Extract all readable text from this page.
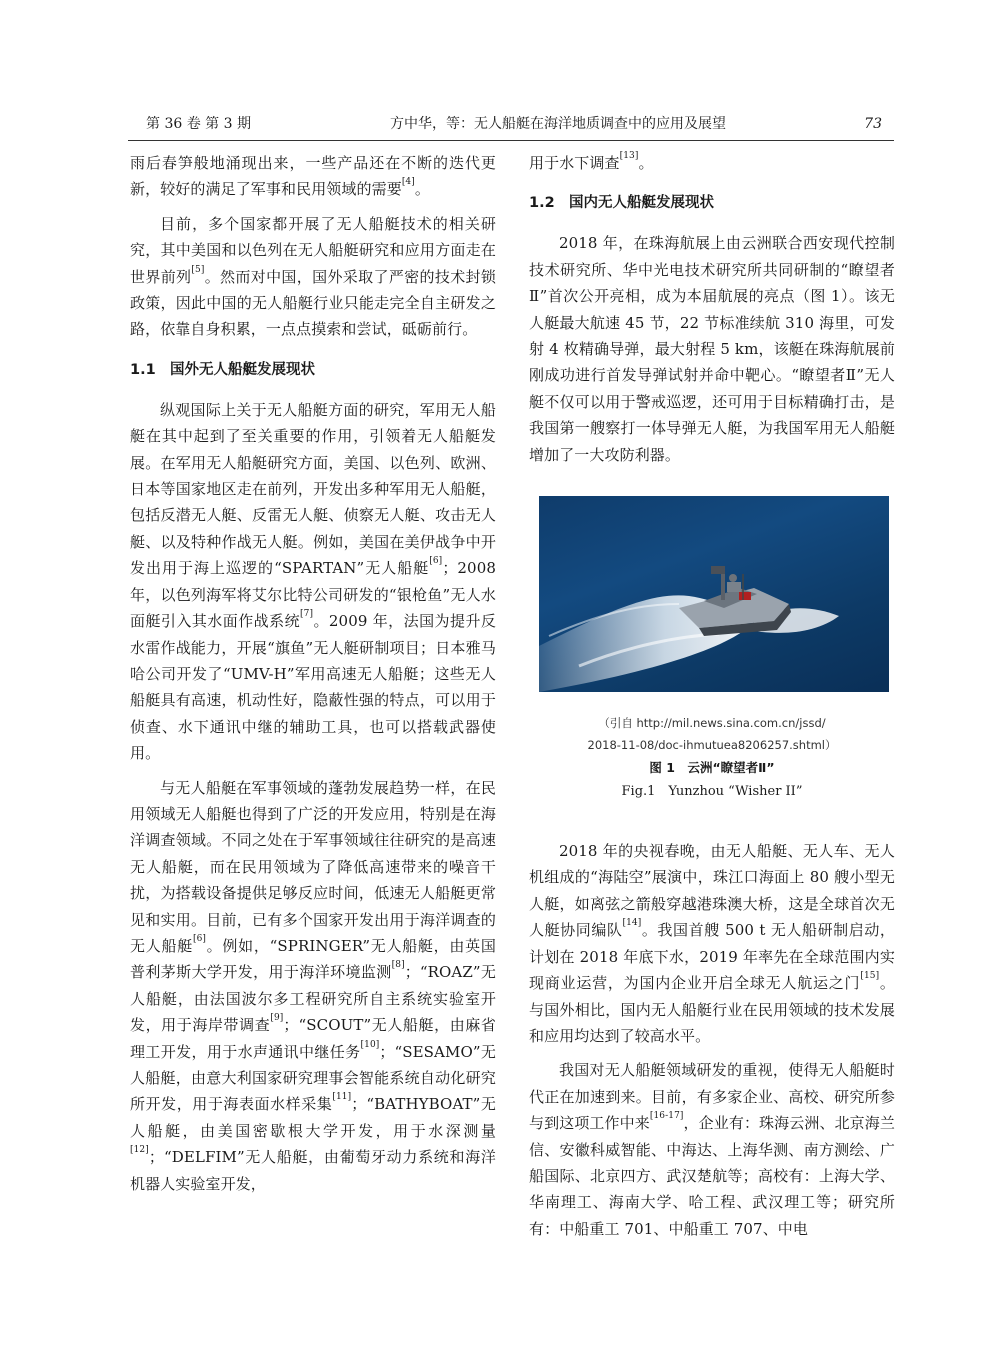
第 36 卷 第 3 期	方中华，等：无人船艇在海洋地质调查中的应用及展望	73

雨后春笋般地涌现出来，一些产品还在不断的迭代更新，较好的满足了军事和民用领域的需要[4]。

目前，多个国家都开展了无人船艇技术的相关研究，其中美国和以色列在无人船艇研究和应用方面走在世界前列[5]。然而对中国，国外采取了严密的技术封锁政策，因此中国的无人船艇行业只能走完全自主研发之路，依靠自身积累，一点点摸索和尝试，砥砺前行。

1.1 国外无人船艇发展现状

纵观国际上关于无人船艇方面的研究，军用无人船艇在其中起到了至关重要的作用，引领着无人船艇发展。在军用无人船艇研究方面，美国、以色列、欧洲、日本等国家地区走在前列，开发出多种军用无人船艇，包括反潜无人艇、反雷无人艇、侦察无人艇、攻击无人艇、以及特种作战无人艇。例如，美国在美伊战争中开发出用于海上巡逻的“SPARTAN”无人船艇[6]；2008 年，以色列海军将艾尔比特公司研发的“银枪鱼”无人水面艇引入其水面作战系统[7]。2009 年，法国为提升反水雷作战能力，开展“旗鱼”无人艇研制项目；日本雅马哈公司开发了“UMV-H”军用高速无人船艇；这些无人船艇具有高速，机动性好，隐蔽性强的特点，可以用于侦查、水下通讯中继的辅助工具，也可以搭载武器使用。

与无人船艇在军事领域的蓬勃发展趋势一样，在民用领域无人船艇也得到了广泛的开发应用，特别是在海洋调查领域。不同之处在于军事领域往往研究的是高速无人船艇，而在民用领域为了降低高速带来的噪音干扰，为搭载设备提供足够反应时间，低速无人船艇更常见和实用。目前，已有多个国家开发出用于海洋调查的无人船艇[6]。例如，“SPRINGER”无人船艇，由英国普利茅斯大学开发，用于海洋环境监测[8]；“ROAZ”无人船艇，由法国波尔多工程研究所自主系统实验室开发，用于海岸带调查[9]；“SCOUT”无人船艇，由麻省理工开发，用于水声通讯中继任务[10]；“SESAMO”无人船艇，由意大利国家研究理事会智能系统自动化研究所开发，用于海表面水样采集[11]；“BATHYBOAT”无人船艇，由美国密歇根大学开发，用于水深测量[12]；“DELFIM”无人船艇，由葡萄牙动力系统和海洋机器人实验室开发，

用于水下调查[13]。

1.2 国内无人船艇发展现状

2018 年，在珠海航展上由云洲联合西安现代控制技术研究所、华中光电技术研究所共同研制的“瞭望者Ⅱ”首次公开亮相，成为本届航展的亮点（图 1）。该无人艇最大航速 45 节，22 节标准续航 310 海里，可发射 4 枚精确导弹，最大射程 5 km，该艇在珠海航展前刚成功进行首发导弹试射并命中靶心。“瞭望者Ⅱ”无人艇不仅可以用于警戒巡逻，还可用于目标精确打击，是我国第一艘察打一体导弹无人艇，为我国军用无人船艇增加了一大攻防利器。

（引自 http://mil.news.sina.com.cn/jssd/
2018-11-08/doc-ihmutuea8206257.shtml）
图 1　云洲“瞭望者Ⅱ”
Fig.1　Yunzhou “Wisher II”

2018 年的央视春晚，由无人船艇、无人车、无人机组成的“海陆空”展演中，珠江口海面上 80 艘小型无人艇，如离弦之箭般穿越港珠澳大桥，这是全球首次无人艇协同编队[14]。我国首艘 500 t 无人船研制启动，计划在 2018 年底下水，2019 年率先在全球范围内实现商业运营，为国内企业开启全球无人航运之门[15]。与国外相比，国内无人船艇行业在民用领域的技术发展和应用均达到了较高水平。

我国对无人船艇领域研发的重视，使得无人船艇时代正在加速到来。目前，有多家企业、高校、研究所参与到这项工作中来[16-17]，企业有：珠海云洲、北京海兰信、安徽科威智能、中海达、上海华测、南方测绘、广船国际、北京四方、武汉楚航等；高校有：上海大学、华南理工、海南大学、哈工程、武汉理工等；研究所有：中船重工 701、中船重工 707、中电
